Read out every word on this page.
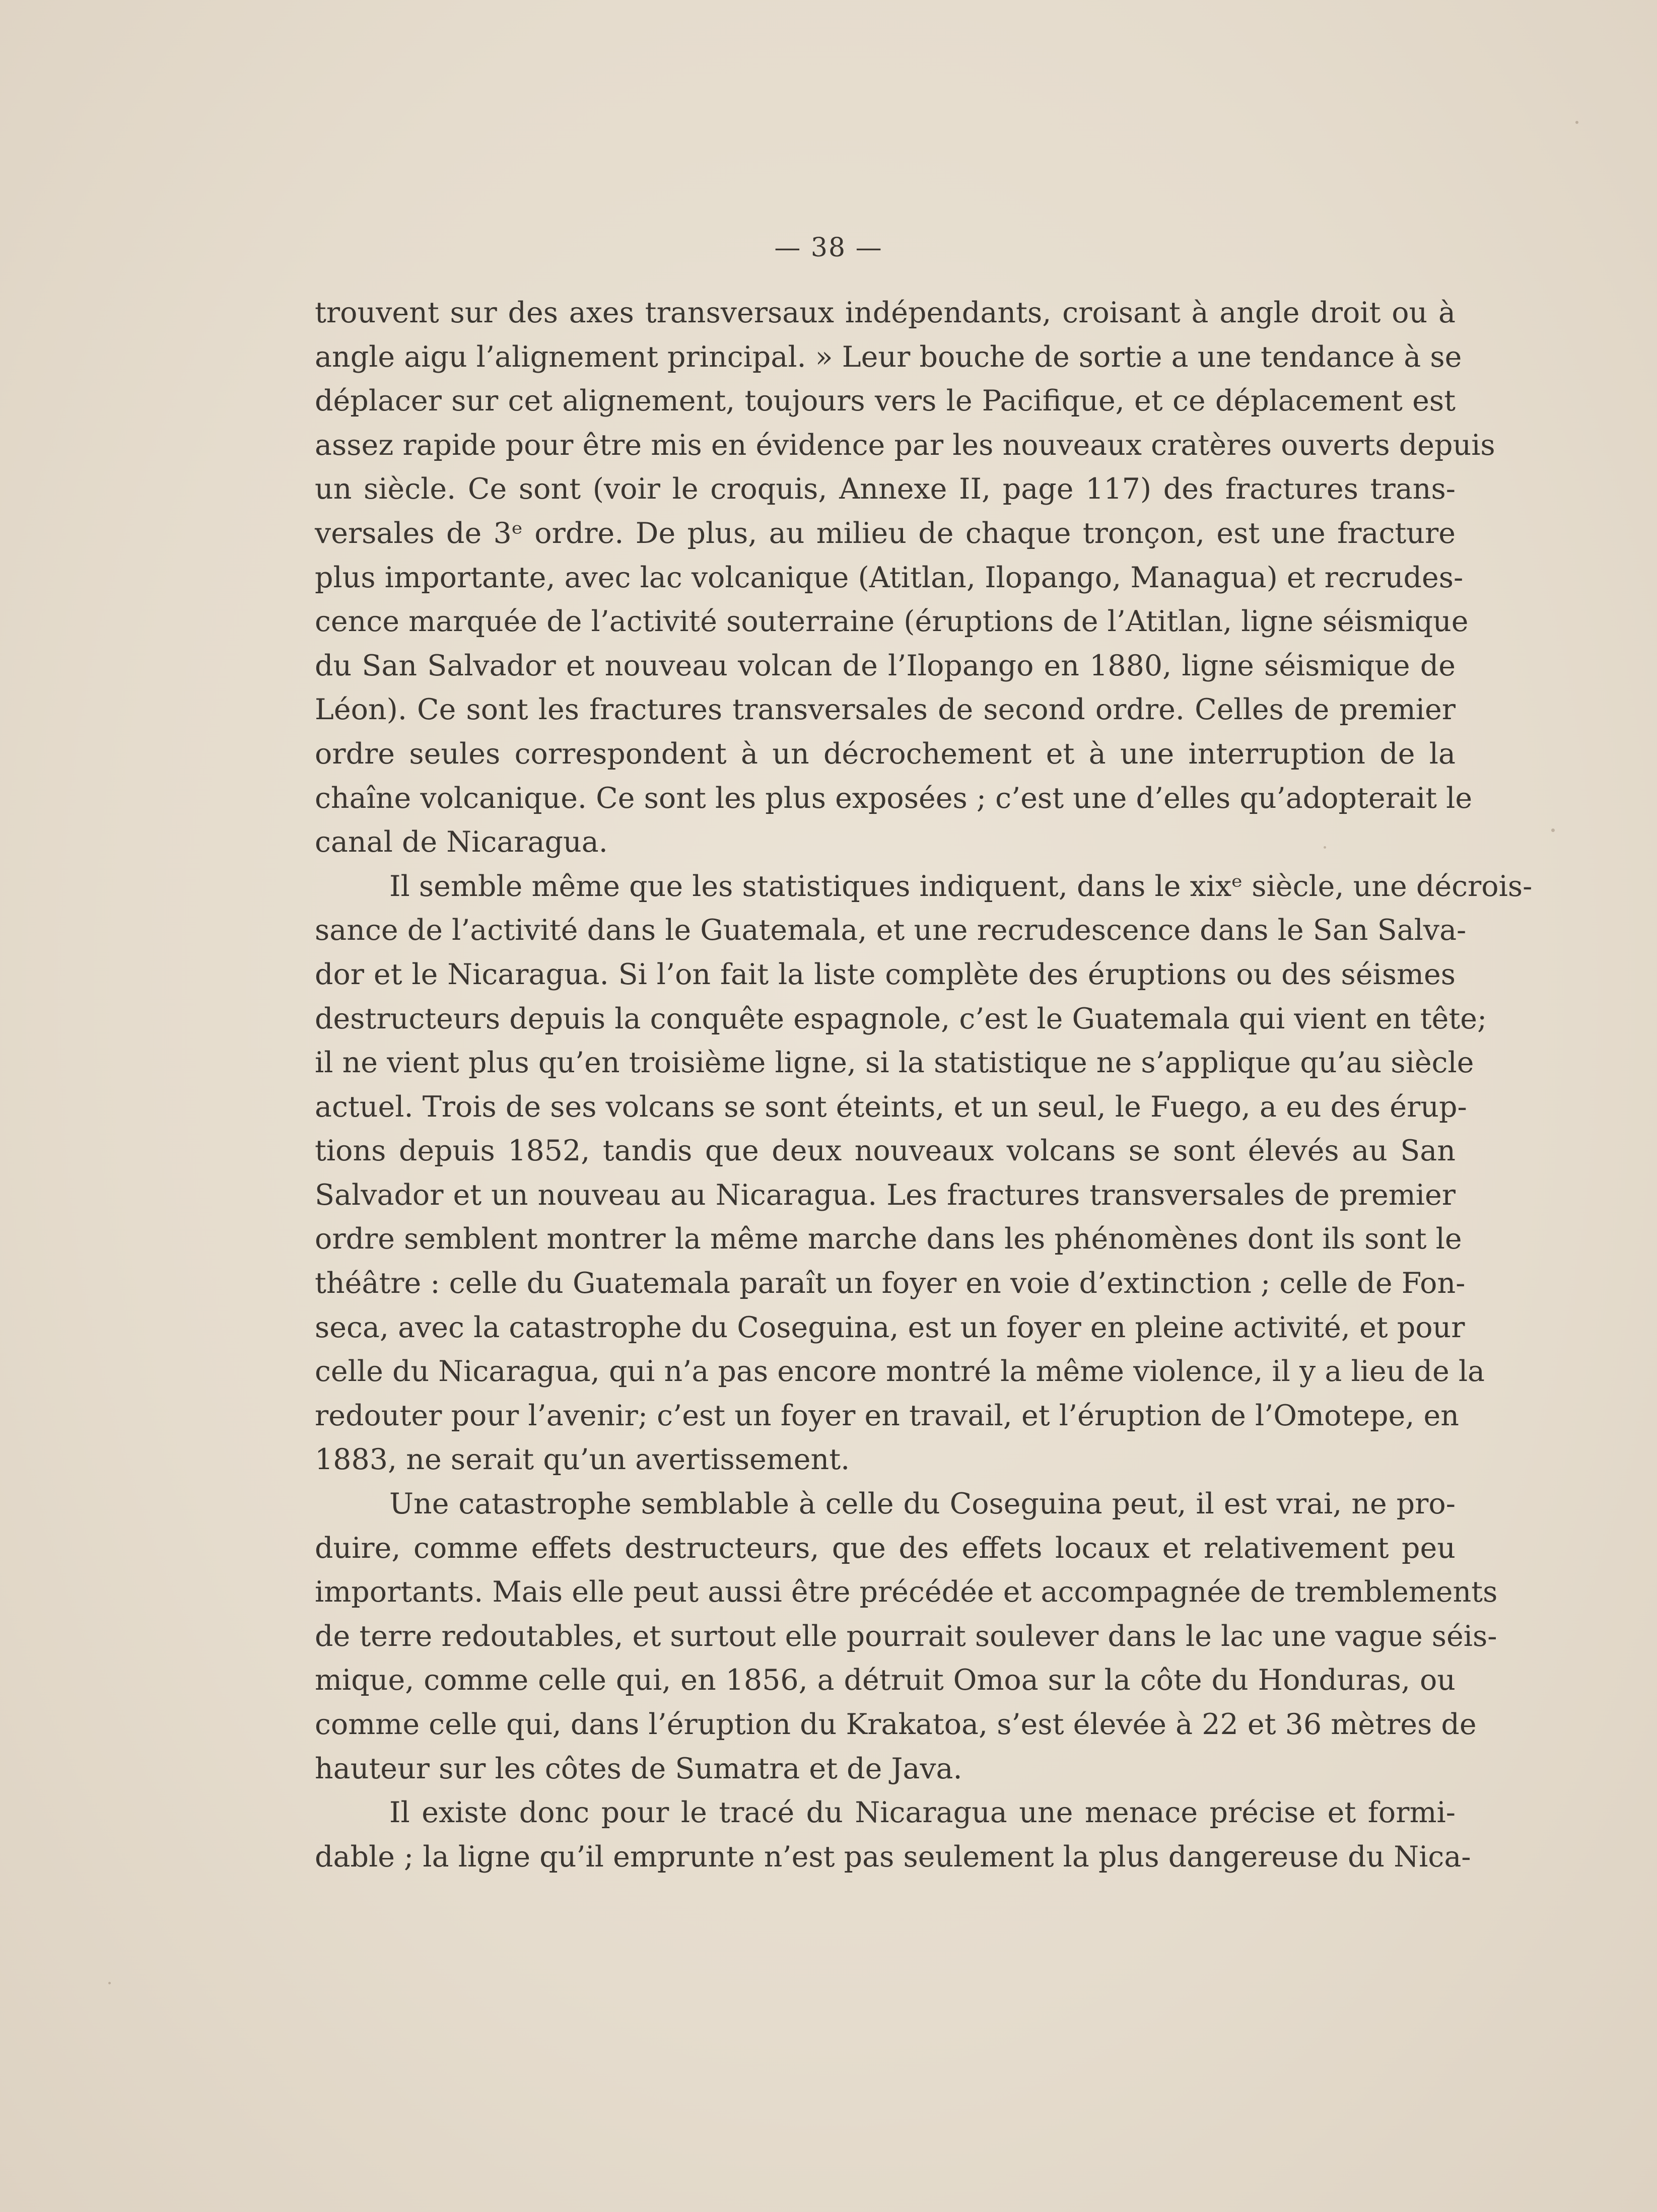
— 38 —

trouvent sur des axes transversaux indépendants, croisant à angle droit ou à
angle aigu l’alignement principal. » Leur bouche de sortie a une tendance à se
déplacer sur cet alignement, toujours vers le Pacifique, et ce déplacement est
assez rapide pour être mis en évidence par les nouveaux cratères ouverts depuis
un siècle. Ce sont (voir le croquis, Annexe II, page 117) des fractures trans-
versales de 3ᵉ ordre. De plus, au milieu de chaque tronçon, est une fracture
plus importante, avec lac volcanique (Atitlan, Ilopango, Managua) et recrudes-
cence marquée de l’activité souterraine (éruptions de l’Atitlan, ligne séismique
du San Salvador et nouveau volcan de l’Ilopango en 1880, ligne séismique de
Léon). Ce sont les fractures transversales de second ordre. Celles de premier
ordre seules correspondent à un décrochement et à une interruption de la
chaîne volcanique. Ce sont les plus exposées ; c’est une d’elles qu’adopterait le
canal de Nicaragua.

Il semble même que les statistiques indiquent, dans le xixᵉ siècle, une décrois-
sance de l’activité dans le Guatemala, et une recrudescence dans le San Salva-
dor et le Nicaragua. Si l’on fait la liste complète des éruptions ou des séismes
destructeurs depuis la conquête espagnole, c’est le Guatemala qui vient en tête;
il ne vient plus qu’en troisième ligne, si la statistique ne s’applique qu’au siècle
actuel. Trois de ses volcans se sont éteints, et un seul, le Fuego, a eu des érup-
tions depuis 1852, tandis que deux nouveaux volcans se sont élevés au San
Salvador et un nouveau au Nicaragua. Les fractures transversales de premier
ordre semblent montrer la même marche dans les phénomènes dont ils sont le
théâtre : celle du Guatemala paraît un foyer en voie d’extinction ; celle de Fon-
seca, avec la catastrophe du Coseguina, est un foyer en pleine activité, et pour
celle du Nicaragua, qui n’a pas encore montré la même violence, il y a lieu de la
redouter pour l’avenir; c’est un foyer en travail, et l’éruption de l’Omotepe, en
1883, ne serait qu’un avertissement.

Une catastrophe semblable à celle du Coseguina peut, il est vrai, ne pro-
duire, comme effets destructeurs, que des effets locaux et relativement peu
importants. Mais elle peut aussi être précédée et accompagnée de tremblements
de terre redoutables, et surtout elle pourrait soulever dans le lac une vague séis-
mique, comme celle qui, en 1856, a détruit Omoa sur la côte du Honduras, ou
comme celle qui, dans l’éruption du Krakatoa, s’est élevée à 22 et 36 mètres de
hauteur sur les côtes de Sumatra et de Java.

Il existe donc pour le tracé du Nicaragua une menace précise et formi-
dable ; la ligne qu’il emprunte n’est pas seulement la plus dangereuse du Nica-
